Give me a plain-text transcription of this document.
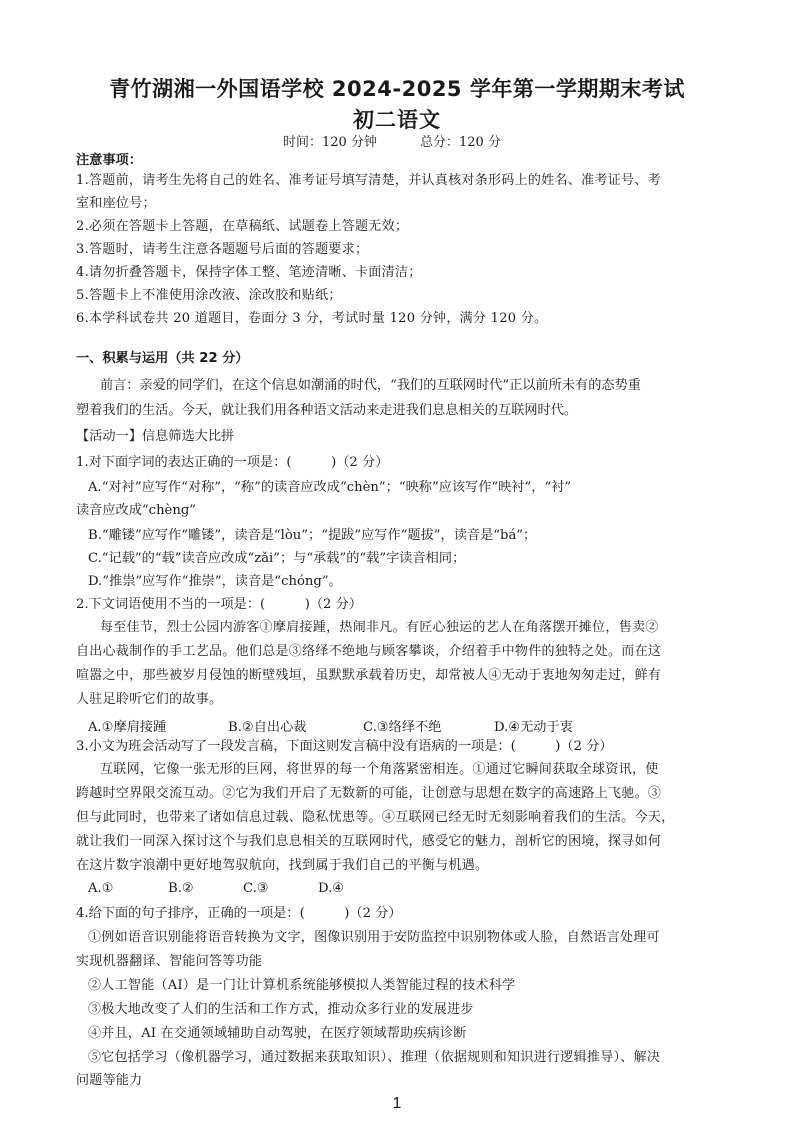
青竹湖湘一外国语学校 2024-2025 学年第一学期期末考试
初二语文
时间：120 分钟	总分：120 分
注意事项：
1.答题前，请考生先将自己的姓名、准考证号填写清楚，并认真核对条形码上的姓名、准考证号、考
室和座位号；
2.必须在答题卡上答题，在草稿纸、试题卷上答题无效；
3.答题时，请考生注意各题题号后面的答题要求；
4.请勿折叠答题卡，保持字体工整、笔迹清晰、卡面清洁；
5.答题卡上不准使用涂改液、涂改胶和贴纸；
6.本学科试卷共 20 道题目，卷面分 3 分，考试时量 120 分钟，满分 120 分。
一、积累与运用（共 22 分）
前言：亲爱的同学们，在这个信息如潮涌的时代，“我们的互联网时代”正以前所未有的态势重
塑着我们的生活。今天，就让我们用各种语文活动来走进我们息息相关的互联网时代。
【活动一】信息筛选大比拼
1.对下面字词的表达正确的一项是：(　　　)（2 分）
A.“对衬”应写作“对称”，“称”的读音应改成“chèn”；“映称”应该写作“映衬”，“衬”
读音应改成“chènɡ”
B.“雕镂”应写作“雕镂”，读音是“lòu”；“提跋”应写作“题拔”，读音是“bá”；
C.“记载”的“载”读音应改成“zǎi”；与“承载”的“载”字读音相同；
D.“推祟”应写作“推崇”，读音是“chóng”。
2.下文词语使用不当的一项是：(　　　)（2 分）
每至佳节，烈士公园内游客①摩肩接踵，热闹非凡。有匠心独运的艺人在角落摆开摊位，售卖②
自出心裁制作的手工艺品。他们总是③络绎不绝地与顾客攀谈，介绍着手中物件的独特之处。而在这
喧嚣之中，那些被岁月侵蚀的断壁残垣，虽默默承载着历史，却常被人④无动于衷地匆匆走过，鲜有
人驻足聆听它们的故事。
A.①摩肩接踵	B.②自出心裁	C.③络绎不绝	D.④无动于衷
3.小文为班会活动写了一段发言稿，下面这则发言稿中没有语病的一项是：(　　　)（2 分）
互联网，它像一张无形的巨网，将世界的每一个角落紧密相连。①通过它瞬间获取全球资讯，使
跨越时空界限交流互动。②它为我们开启了无数新的可能，让创意与思想在数字的高速路上飞驰。③
但与此同时，也带来了诸如信息过载、隐私忧患等。④互联网已经无时无刻影响着我们的生活。今天，
就让我们一同深入探讨这个与我们息息相关的互联网时代，感受它的魅力，剖析它的困境，探寻如何
在这片数字浪潮中更好地驾驭航向，找到属于我们自己的平衡与机遇。
A.①	B.②	C.③	D.④
4.给下面的句子排序，正确的一项是：(　　　)（2 分）
①例如语音识别能将语音转换为文字，图像识别用于安防监控中识别物体或人脸，自然语言处理可
实现机器翻译、智能问答等功能
②人工智能（AI）是一门让计算机系统能够模拟人类智能过程的技术科学
③极大地改变了人们的生活和工作方式，推动众多行业的发展进步
④并且，AI 在交通领域辅助自动驾驶，在医疗领域帮助疾病诊断
⑤它包括学习（像机器学习，通过数据来获取知识）、推理（依据规则和知识进行逻辑推导）、解决
问题等能力
1
